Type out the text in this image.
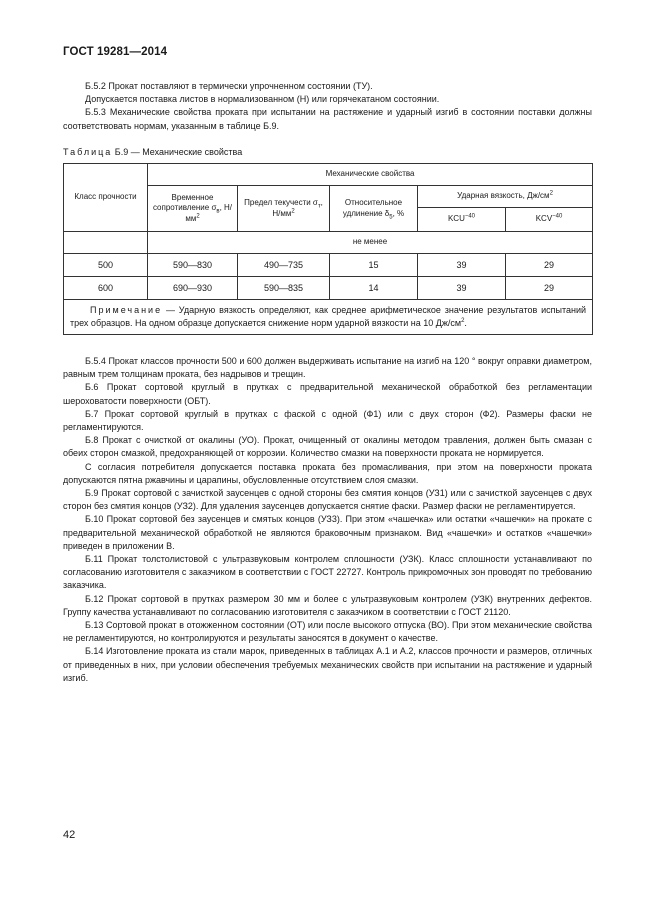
ГОСТ 19281—2014

Б.5.2 Прокат поставляют в термически упрочненном состоянии (ТУ).

Допускается поставка листов в нормализованном (Н) или горячекатаном состоянии.

Б.5.3 Механические свойства проката при испытании на растяжение и ударный изгиб в состоянии поставки должны соответствовать нормам, указанным в таблице Б.9.

Таблица Б.9 — Механические свойства
Класс прочности	Механические свойства				
	Временное сопротивление $\sigma_в$, $Н/мм^2$	Предел текучести $\sigma_т$, $Н/мм^2$	Относительное удлинение $\delta_5$, %	Ударная вязкость, $Дж/см^2$
				$KCU^{-40}$	$KCV^{-40}$
	не менее				
500	590—830	490—735	15	39	29
600	690—930	590—835	14	39	29
Примечание — Ударную вязкость определяют, как среднее арифметическое значение результатов испытаний трех образцов. На одном образце допускается снижение норм ударной вязкости на 10 $Дж/см^2$.					

Б.5.4 Прокат классов прочности 500 и 600 должен выдерживать испытание на изгиб на 120 ° вокруг оправки диаметром, равным трем толщинам проката, без надрывов и трещин.

Б.6 Прокат сортовой круглый в прутках с предварительной механической обработкой без регламентации шероховатости поверхности (ОБТ).

Б.7 Прокат сортовой круглый в прутках с фаской с одной (Ф1) или с двух сторон (Ф2). Размеры фаски не регламентируются.

Б.8 Прокат с очисткой от окалины (УО). Прокат, очищенный от окалины методом травления, должен быть смазан с обеих сторон смазкой, предохраняющей от коррозии. Количество смазки на поверхности проката не нормируется.

С согласия потребителя допускается поставка проката без промасливания, при этом на поверхности проката допускаются пятна ржавчины и царапины, обусловленные отсутствием слоя смазки.

Б.9 Прокат сортовой с зачисткой заусенцев с одной стороны без смятия концов (УЗ1) или с зачисткой заусенцев с двух сторон без смятия концов (УЗ2). Для удаления заусенцев допускается снятие фаски. Размер фаски не регламентируется.

Б.10 Прокат сортовой без заусенцев и смятых концов (УЗ3). При этом «чашечка» или остатки «чашечки» на прокате с предварительной механической обработкой не являются браковочным признаком. Вид «чашечки» и остатков «чашечки» приведен в приложении В.

Б.11 Прокат толстолистовой с ультразвуковым контролем сплошности (УЗК). Класс сплошности устанавливают по согласованию изготовителя с заказчиком в соответствии с ГОСТ 22727. Контроль прикромочных зон проводят по требованию заказчика.

Б.12 Прокат сортовой в прутках размером 30 мм и более с ультразвуковым контролем (УЗК) внутренних дефектов. Группу качества устанавливают по согласованию изготовителя с заказчиком в соответствии с ГОСТ 21120.

Б.13 Сортовой прокат в отожженном состоянии (ОТ) или после высокого отпуска (ВО). При этом механические свойства не регламентируются, но контролируются и результаты заносятся в документ о качестве.

Б.14 Изготовление проката из стали марок, приведенных в таблицах А.1 и А.2, классов прочности и размеров, отличных от приведенных в них, при условии обеспечения требуемых механических свойств при испытании на растяжение и ударный изгиб.

42
